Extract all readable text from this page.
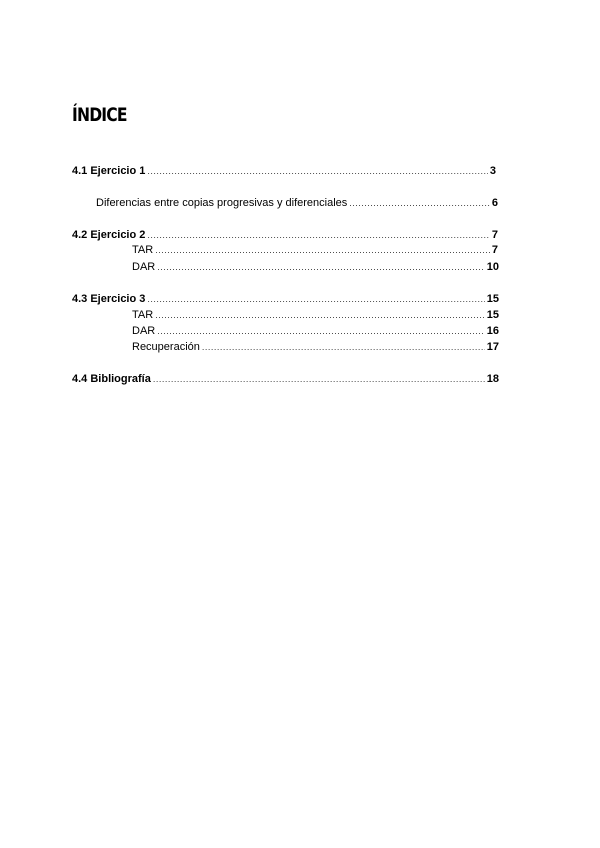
ÍNDICE
4.1 Ejercicio 1 .....	3
Diferencias entre copias progresivas y diferenciales .....	6
4.2 Ejercicio 2 .....	7
TAR .....	7
DAR .....	10
4.3 Ejercicio 3 .....	15
TAR .....	15
DAR .....	16
Recuperación .....	17
4.4 Bibliografía .....	18
